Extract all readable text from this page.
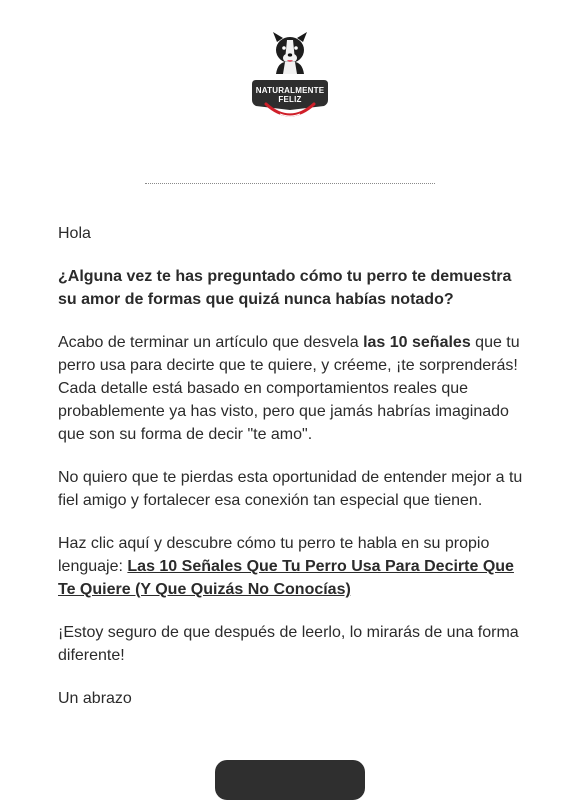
NATURALMENTE
FELIZ

Hola

¿Alguna vez te has preguntado cómo tu perro te demuestra su amor de formas que quizá nunca habías notado?

Acabo de terminar un artículo que desvela las 10 señales que tu perro usa para decirte que te quiere, y créeme, ¡te sorprenderás! Cada detalle está basado en comportamientos reales que probablemente ya has visto, pero que jamás habrías imaginado que son su forma de decir "te amo".

No quiero que te pierdas esta oportunidad de entender mejor a tu fiel amigo y fortalecer esa conexión tan especial que tienen.

Haz clic aquí y descubre cómo tu perro te habla en su propio lenguaje: Las 10 Señales Que Tu Perro Usa Para Decirte Que Te Quiere (Y Que Quizás No Conocías)

¡Estoy seguro de que después de leerlo, lo mirarás de una forma diferente!

Un abrazo
